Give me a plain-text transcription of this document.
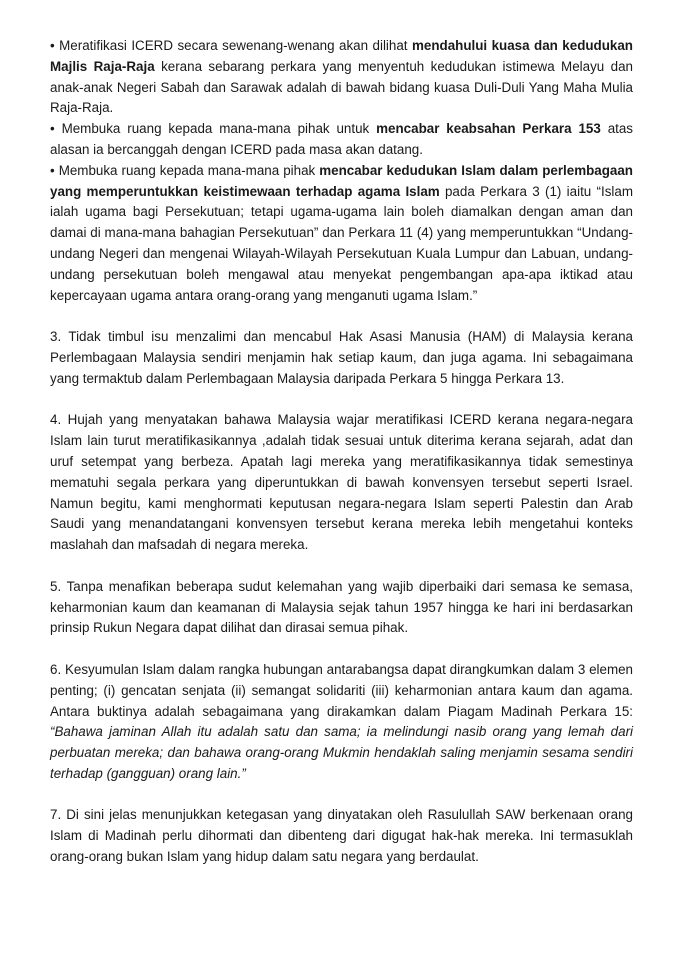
• Meratifikasi ICERD secara sewenang-wenang akan dilihat mendahului kuasa dan kedudukan Majlis Raja-Raja kerana sebarang perkara yang menyentuh kedudukan istimewa Melayu dan anak-anak Negeri Sabah dan Sarawak adalah di bawah bidang kuasa Duli-Duli Yang Maha Mulia Raja-Raja.

• Membuka ruang kepada mana-mana pihak untuk mencabar keabsahan Perkara 153 atas alasan ia bercanggah dengan ICERD pada masa akan datang.

• Membuka ruang kepada mana-mana pihak mencabar kedudukan Islam dalam perlembagaan yang memperuntukkan keistimewaan terhadap agama Islam pada Perkara 3 (1) iaitu “Islam ialah ugama bagi Persekutuan; tetapi ugama-ugama lain boleh diamalkan dengan aman dan damai di mana-mana bahagian Persekutuan” dan Perkara 11 (4) yang memperuntukkan “Undang-undang Negeri dan mengenai Wilayah-Wilayah Persekutuan Kuala Lumpur dan Labuan, undang-undang persekutuan boleh mengawal atau menyekat pengembangan apa-apa iktikad atau kepercayaan ugama antara orang-orang yang menganuti ugama Islam.”

3. Tidak timbul isu menzalimi dan mencabul Hak Asasi Manusia (HAM) di Malaysia kerana Perlembagaan Malaysia sendiri menjamin hak setiap kaum, dan juga agama. Ini sebagaimana yang termaktub dalam Perlembagaan Malaysia daripada Perkara 5 hingga Perkara 13.

4. Hujah yang menyatakan bahawa Malaysia wajar meratifikasi ICERD kerana negara-negara Islam lain turut meratifikasikannya ,adalah tidak sesuai untuk diterima kerana sejarah, adat dan uruf setempat yang berbeza. Apatah lagi mereka yang meratifikasikannya tidak semestinya mematuhi segala perkara yang diperuntukkan di bawah konvensyen tersebut seperti Israel. Namun begitu, kami menghormati keputusan negara-negara Islam seperti Palestin dan Arab Saudi yang menandatangani konvensyen tersebut kerana mereka lebih mengetahui konteks maslahah dan mafsadah di negara mereka.

5. Tanpa menafikan beberapa sudut kelemahan yang wajib diperbaiki dari semasa ke semasa, keharmonian kaum dan keamanan di Malaysia sejak tahun 1957 hingga ke hari ini berdasarkan prinsip Rukun Negara dapat dilihat dan dirasai semua pihak.

6. Kesyumulan Islam dalam rangka hubungan antarabangsa dapat dirangkumkan dalam 3 elemen penting; (i) gencatan senjata (ii) semangat solidariti (iii) keharmonian antara kaum dan agama. Antara buktinya adalah sebagaimana yang dirakamkan dalam Piagam Madinah Perkara 15: “Bahawa jaminan Allah itu adalah satu dan sama; ia melindungi nasib orang yang lemah dari perbuatan mereka; dan bahawa orang-orang Mukmin hendaklah saling menjamin sesama sendiri terhadap (gangguan) orang lain.”

7. Di sini jelas menunjukkan ketegasan yang dinyatakan oleh Rasulullah SAW berkenaan orang Islam di Madinah perlu dihormati dan dibenteng dari digugat hak-hak mereka. Ini termasuklah orang-orang bukan Islam yang hidup dalam satu negara yang berdaulat.
